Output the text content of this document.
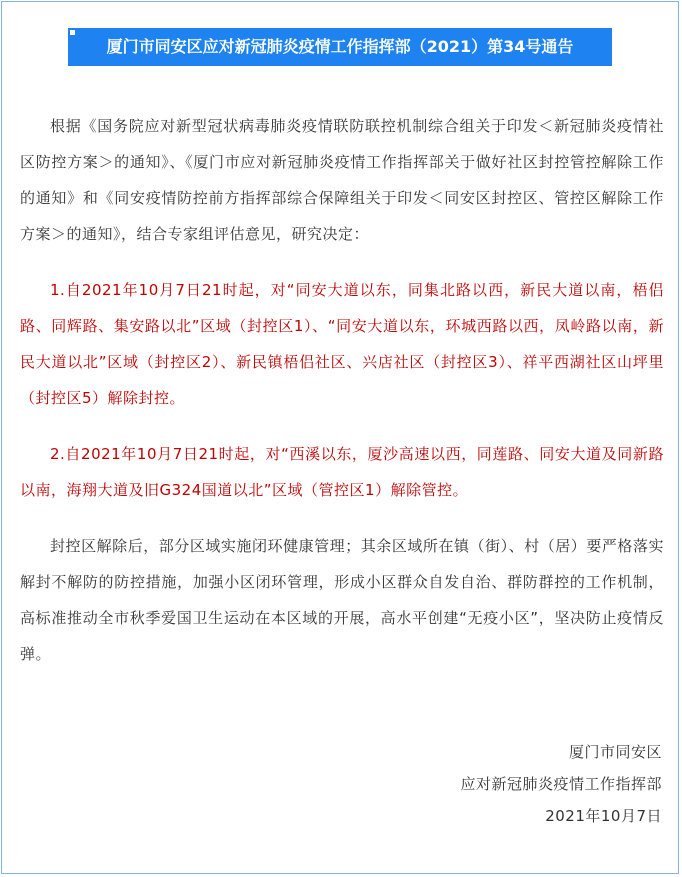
厦门市同安区应对新冠肺炎疫情工作指挥部（2021）第34号通告

根据《国务院应对新型冠状病毒肺炎疫情联防联控机制综合组关于印发＜新冠肺炎疫情社区防控方案＞的通知》、《厦门市应对新冠肺炎疫情工作指挥部关于做好社区封控管控解除工作的通知》和《同安疫情防控前方指挥部综合保障组关于印发＜同安区封控区、管控区解除工作方案＞的通知》，结合专家组评估意见，研究决定：

1.自2021年10月7日21时起，对“同安大道以东，同集北路以西，新民大道以南，梧侣路、同辉路、集安路以北”区域（封控区1）、“同安大道以东，环城西路以西，凤岭路以南，新民大道以北”区域（封控区2）、新民镇梧侣社区、兴店社区（封控区3）、祥平西湖社区山坪里（封控区5）解除封控。

2.自2021年10月7日21时起，对“西溪以东，厦沙高速以西，同莲路、同安大道及同新路以南，海翔大道及旧G324国道以北”区域（管控区1）解除管控。

封控区解除后，部分区域实施闭环健康管理；其余区域所在镇（街）、村（居）要严格落实解封不解防的防控措施，加强小区闭环管理，形成小区群众自发自治、群防群控的工作机制，高标准推动全市秋季爱国卫生运动在本区域的开展，高水平创建“无疫小区”，坚决防止疫情反弹。

厦门市同安区
应对新冠肺炎疫情工作指挥部
2021年10月7日
